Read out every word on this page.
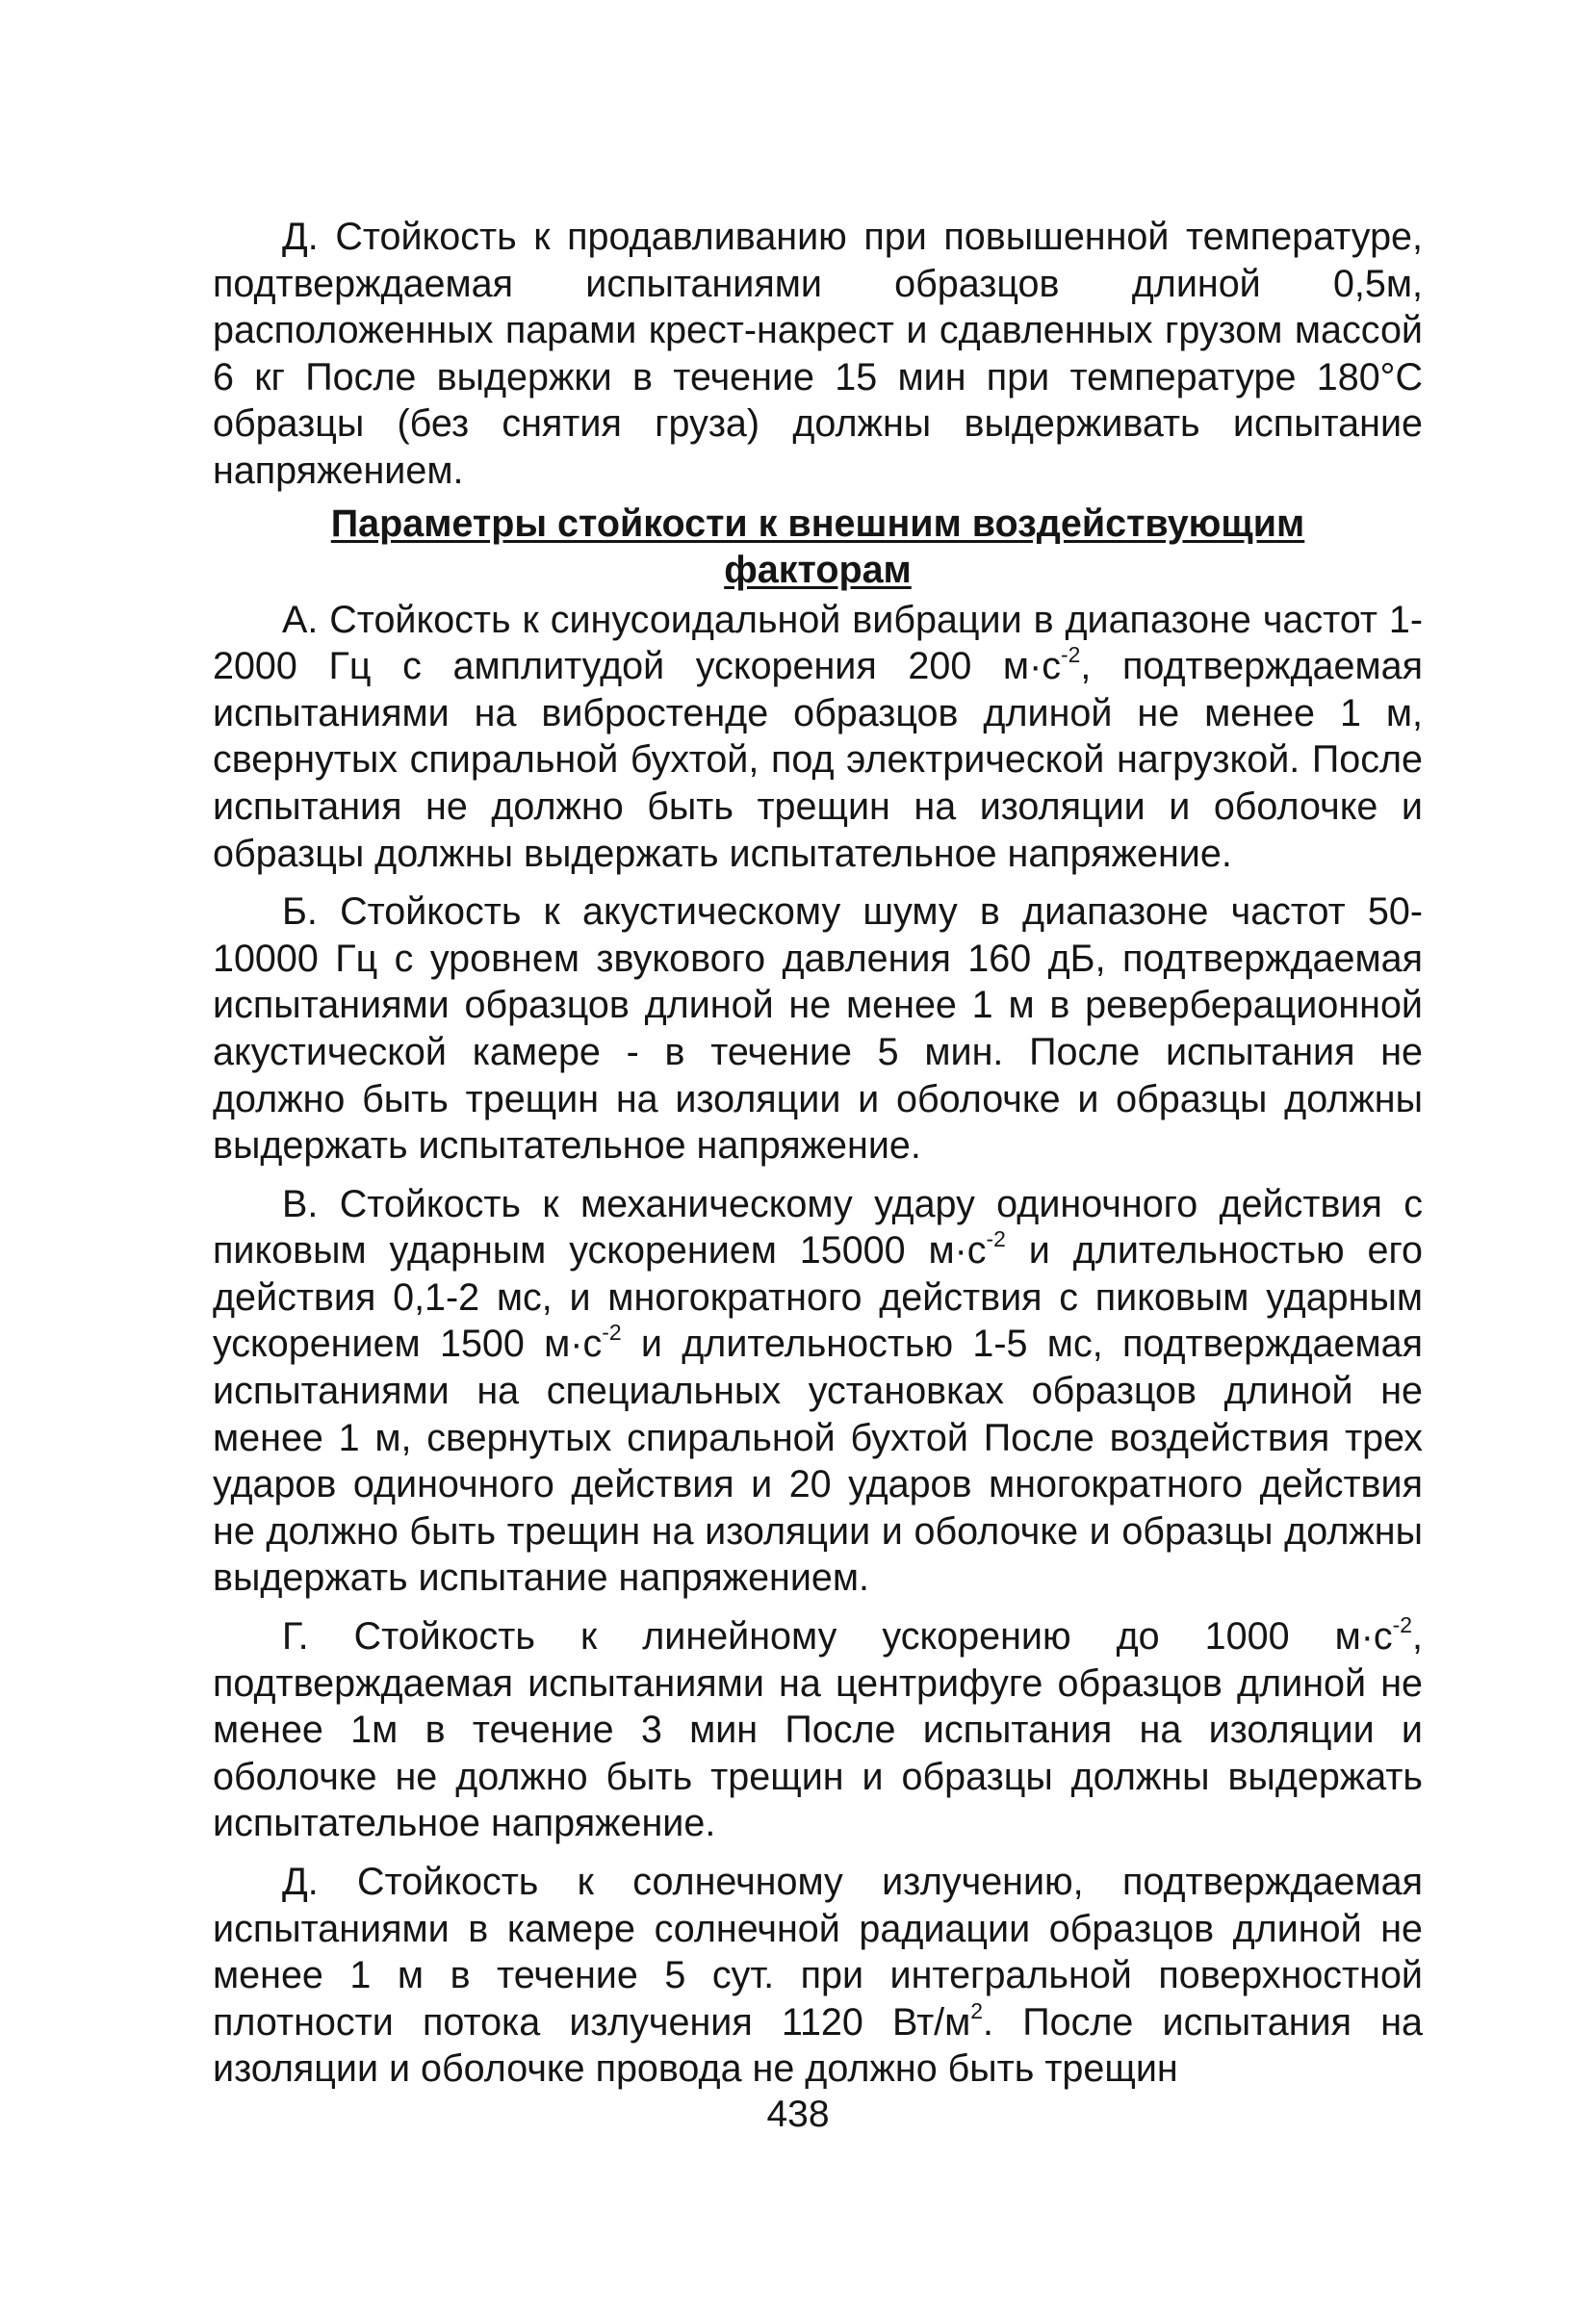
Д. Стойкость к продавливанию при повышенной температуре, подтверждаемая испытаниями образцов длиной 0,5м, расположенных парами крест-накрест и сдавленных грузом массой 6 кг После выдержки в течение 15 мин при температуре 180°С образцы (без снятия груза) должны выдерживать испытание напряжением.

Параметры стойкости к внешним воздействующим
факторам

А. Стойкость к синусоидальной вибрации в диапазоне частот 1-2000 Гц с амплитудой ускорения 200 $м\cdot с^{-2}$, подтверждаемая испытаниями на вибростенде образцов длиной не менее 1 м, свернутых спиральной бухтой, под электрической нагрузкой. После испытания не должно быть трещин на изоляции и оболочке и образцы должны выдержать испытательное напряжение.

Б. Стойкость к акустическому шуму в диапазоне частот 50-10000 Гц с уровнем звукового давления 160 дБ, подтверждаемая испытаниями образцов длиной не менее 1 м в реверберационной акустической камере - в течение 5 мин. После испытания не должно быть трещин на изоляции и оболочке и образцы должны выдержать испытательное напряжение.

В. Стойкость к механическому удару одиночного действия с пиковым ударным ускорением 15000 $м\cdot с^{-2}$ и длительностью его действия 0,1-2 мс, и многократного действия с пиковым ударным ускорением 1500 $м\cdot с^{-2}$ и длительностью 1-5 мс, подтверждаемая испытаниями на специальных установках образцов длиной не менее 1 м, свернутых спиральной бухтой После воздействия трех ударов одиночного действия и 20 ударов многократного действия не должно быть трещин на изоляции и оболочке и образцы должны выдержать испытание напряжением.

Г. Стойкость к линейному ускорению до 1000 $м\cdot с^{-2}$, подтверждаемая испытаниями на центрифуге образцов длиной не менее 1м в течение 3 мин После испытания на изоляции и оболочке не должно быть трещин и образцы должны выдержать испытательное напряжение.

Д. Стойкость к солнечному излучению, подтверждаемая испытаниями в камере солнечной радиации образцов длиной не менее 1 м в течение 5 сут. при интегральной поверхностной плотности потока излучения 1120 $Вт/м^2$. После испытания на изоляции и оболочке провода не должно быть трещин

438
